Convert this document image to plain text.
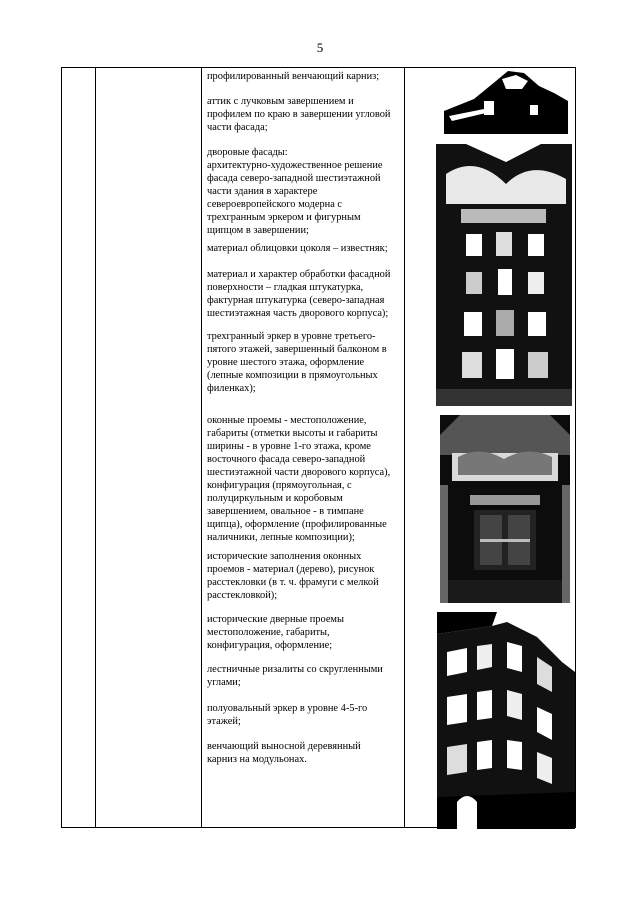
5
профилированный венчающий карниз;
аттик с лучковым завершением и
профилем по краю в завершении угловой
части фасада;
дворовые фасады:
архитектурно-художественное решение
фасада северо-западной шестиэтажной
части здания в характере
североевропейского модерна с
трехгранным эркером и фигурным
щипцом в завершении;
материал облицовки цоколя – известняк;
материал и характер обработки фасадной
поверхности – гладкая штукатурка,
фактурная штукатурка (северо-западная
шестиэтажная часть дворового корпуса);
трехгранный эркер в уровне третьего-
пятого этажей, завершенный балконом в
уровне шестого этажа, оформление
(лепные композиции в прямоугольных
филенках);
оконные проемы - местоположение,
габариты (отметки высоты и габариты
ширины - в уровне 1-го этажа, кроме
восточного фасада северо-западной
шестиэтажной части дворового корпуса),
конфигурация (прямоугольная, с
полуциркульным и коробовым
завершением, овальное - в тимпане
щипца), оформление (профилированные
наличники, лепные композиции);
исторические заполнения оконных
проемов - материал (дерево), рисунок
расстекловки (в т. ч. фрамуги с мелкой
расстекловкой);
исторические дверные проемы
местоположение, габариты,
конфигурация, оформление;
лестничные ризалиты со скругленными
углами;
полуовальный эркер в уровне 4-5-го
этажей;
венчающий выносной деревянный
карниз на модульонах.
